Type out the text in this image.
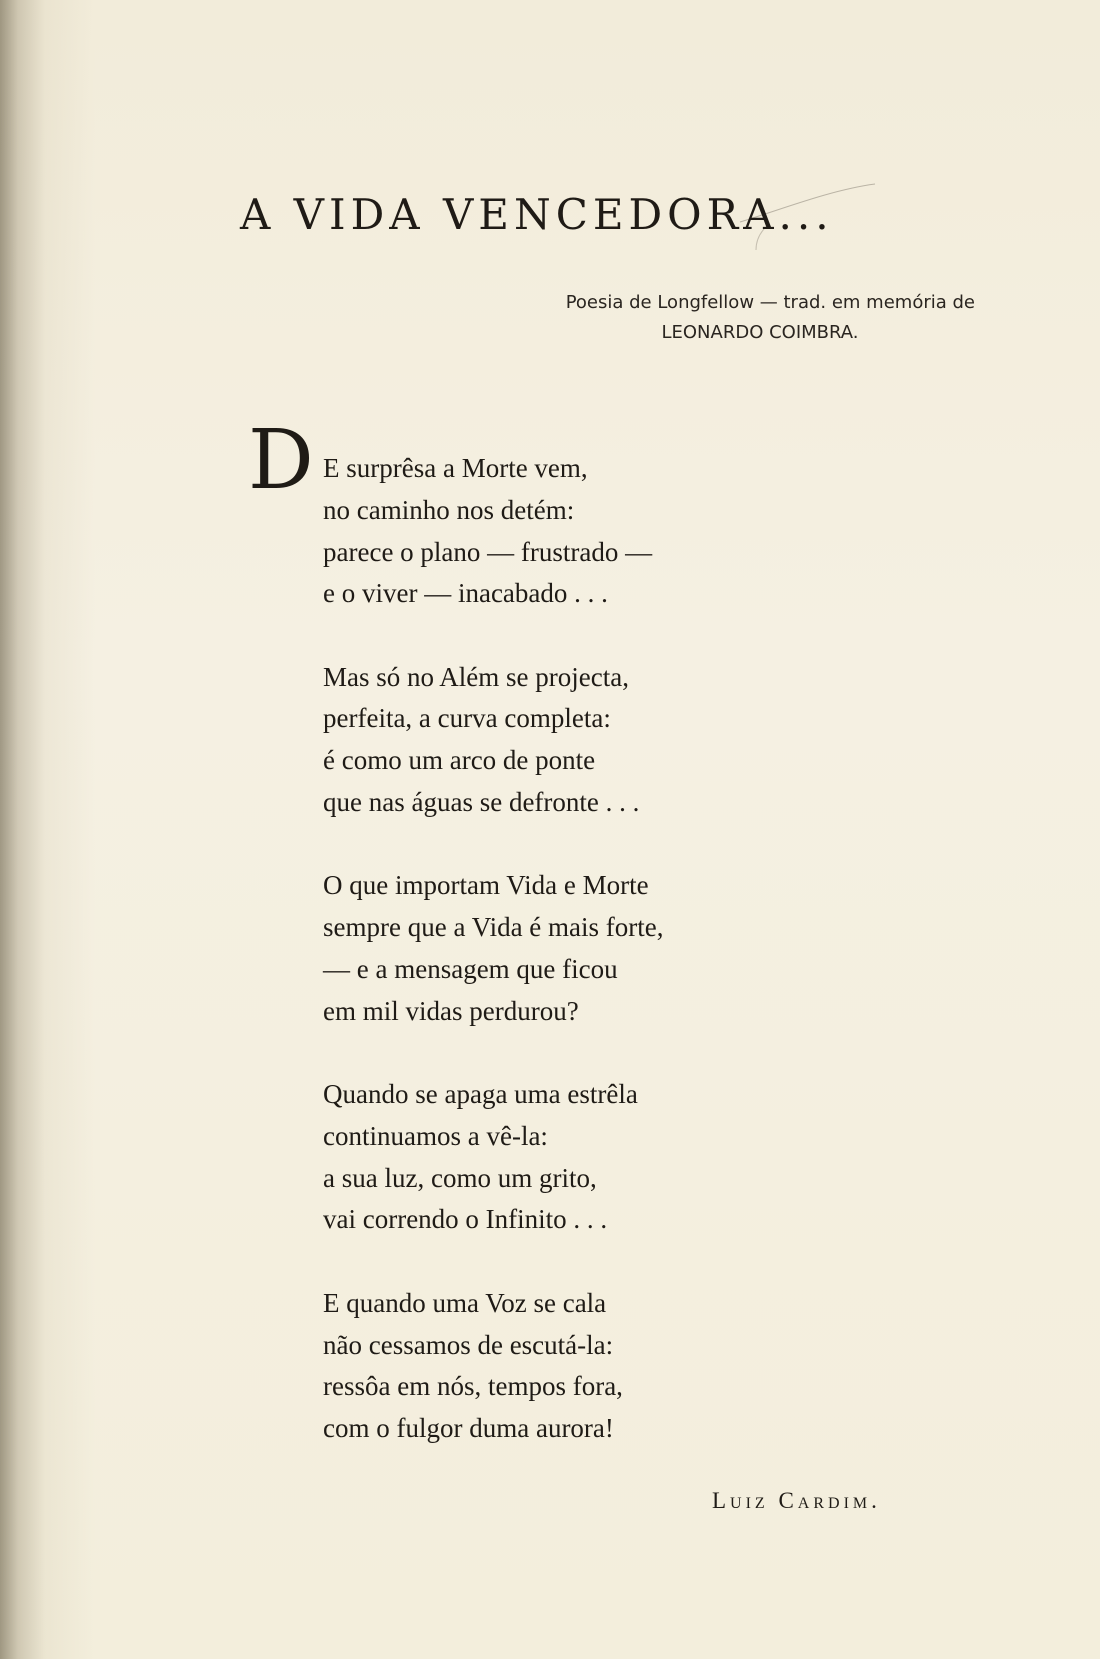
A VIDA VENCEDORA...
Poesia de Longfellow — trad. em memória de
LEONARDO COIMBRA.
D E surprêsa a Morte vem,
no caminho nos detém:
parece o plano — frustrado —
e o viver — inacabado . . .
Mas só no Além se projecta,
perfeita, a curva completa:
é como um arco de ponte
que nas águas se defronte . . .
O que importam Vida e Morte
sempre que a Vida é mais forte,
— e a mensagem que ficou
em mil vidas perdurou?
Quando se apaga uma estrêla
continuamos a vê-la:
a sua luz, como um grito,
vai correndo o Infinito . . .
E quando uma Voz se cala
não cessamos de escutá-la:
ressôa em nós, tempos fora,
com o fulgor duma aurora!
Luiz Cardim.
